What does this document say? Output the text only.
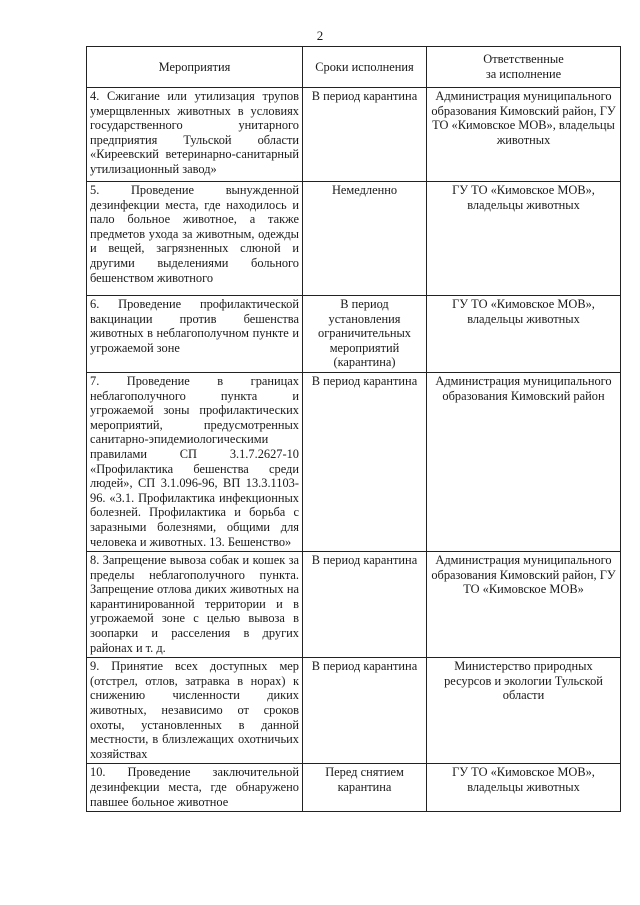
2
Мероприятия	Сроки исполнения	Ответственные
за исполнение
4. Сжигание или утилизация трупов умерщвленных животных в условиях государственного унитарного предприятия Тульской области «Киреевский ветеринарно-санитарный утилизационный завод»	В период карантина	Администрация муниципального образования Кимовский район, ГУ ТО «Кимовское МОВ», владельцы животных
5. Проведение вынужденной дезинфекции места, где находилось и пало больное животное, а также предметов ухода за животным, одежды и вещей, загрязненных слюной и другими выделениями больного бешенством животного	Немедленно	ГУ ТО «Кимовское МОВ», владельцы животных
6. Проведение профилактической вакцинации против бешенства животных в неблагополучном пункте и угрожаемой зоне	В период установления ограничительных мероприятий (карантина)	ГУ ТО «Кимовское МОВ», владельцы животных
7. Проведение в границах неблагополучного пункта и угрожаемой зоны профилактических мероприятий, предусмотренных санитарно-эпидемиологическими правилами СП 3.1.7.2627-10 «Профилактика бешенства среди людей», СП 3.1.096-96, ВП 13.3.1103-96. «3.1. Профилактика инфекционных болезней. Профилактика и борьба с заразными болезнями, общими для человека и животных. 13. Бешенство»	В период карантина	Администрация муниципального образования Кимовский район
8. Запрещение вывоза собак и кошек за пределы неблагополучного пункта. Запрещение отлова диких животных на карантинированной территории и в угрожаемой зоне с целью вывоза в зоопарки и расселения в других районах и т. д.	В период карантина	Администрация муниципального образования Кимовский район, ГУ ТО «Кимовское МОВ»
9. Принятие всех доступных мер (отстрел, отлов, затравка в норах) к снижению численности диких животных, независимо от сроков охоты, установленных в данной местности, в близлежащих охотничьих хозяйствах	В период карантина	Министерство природных ресурсов и экологии Тульской области
10. Проведение заключительной дезинфекции места, где обнаружено павшее больное животное	Перед снятием карантина	ГУ ТО «Кимовское МОВ», владельцы животных
